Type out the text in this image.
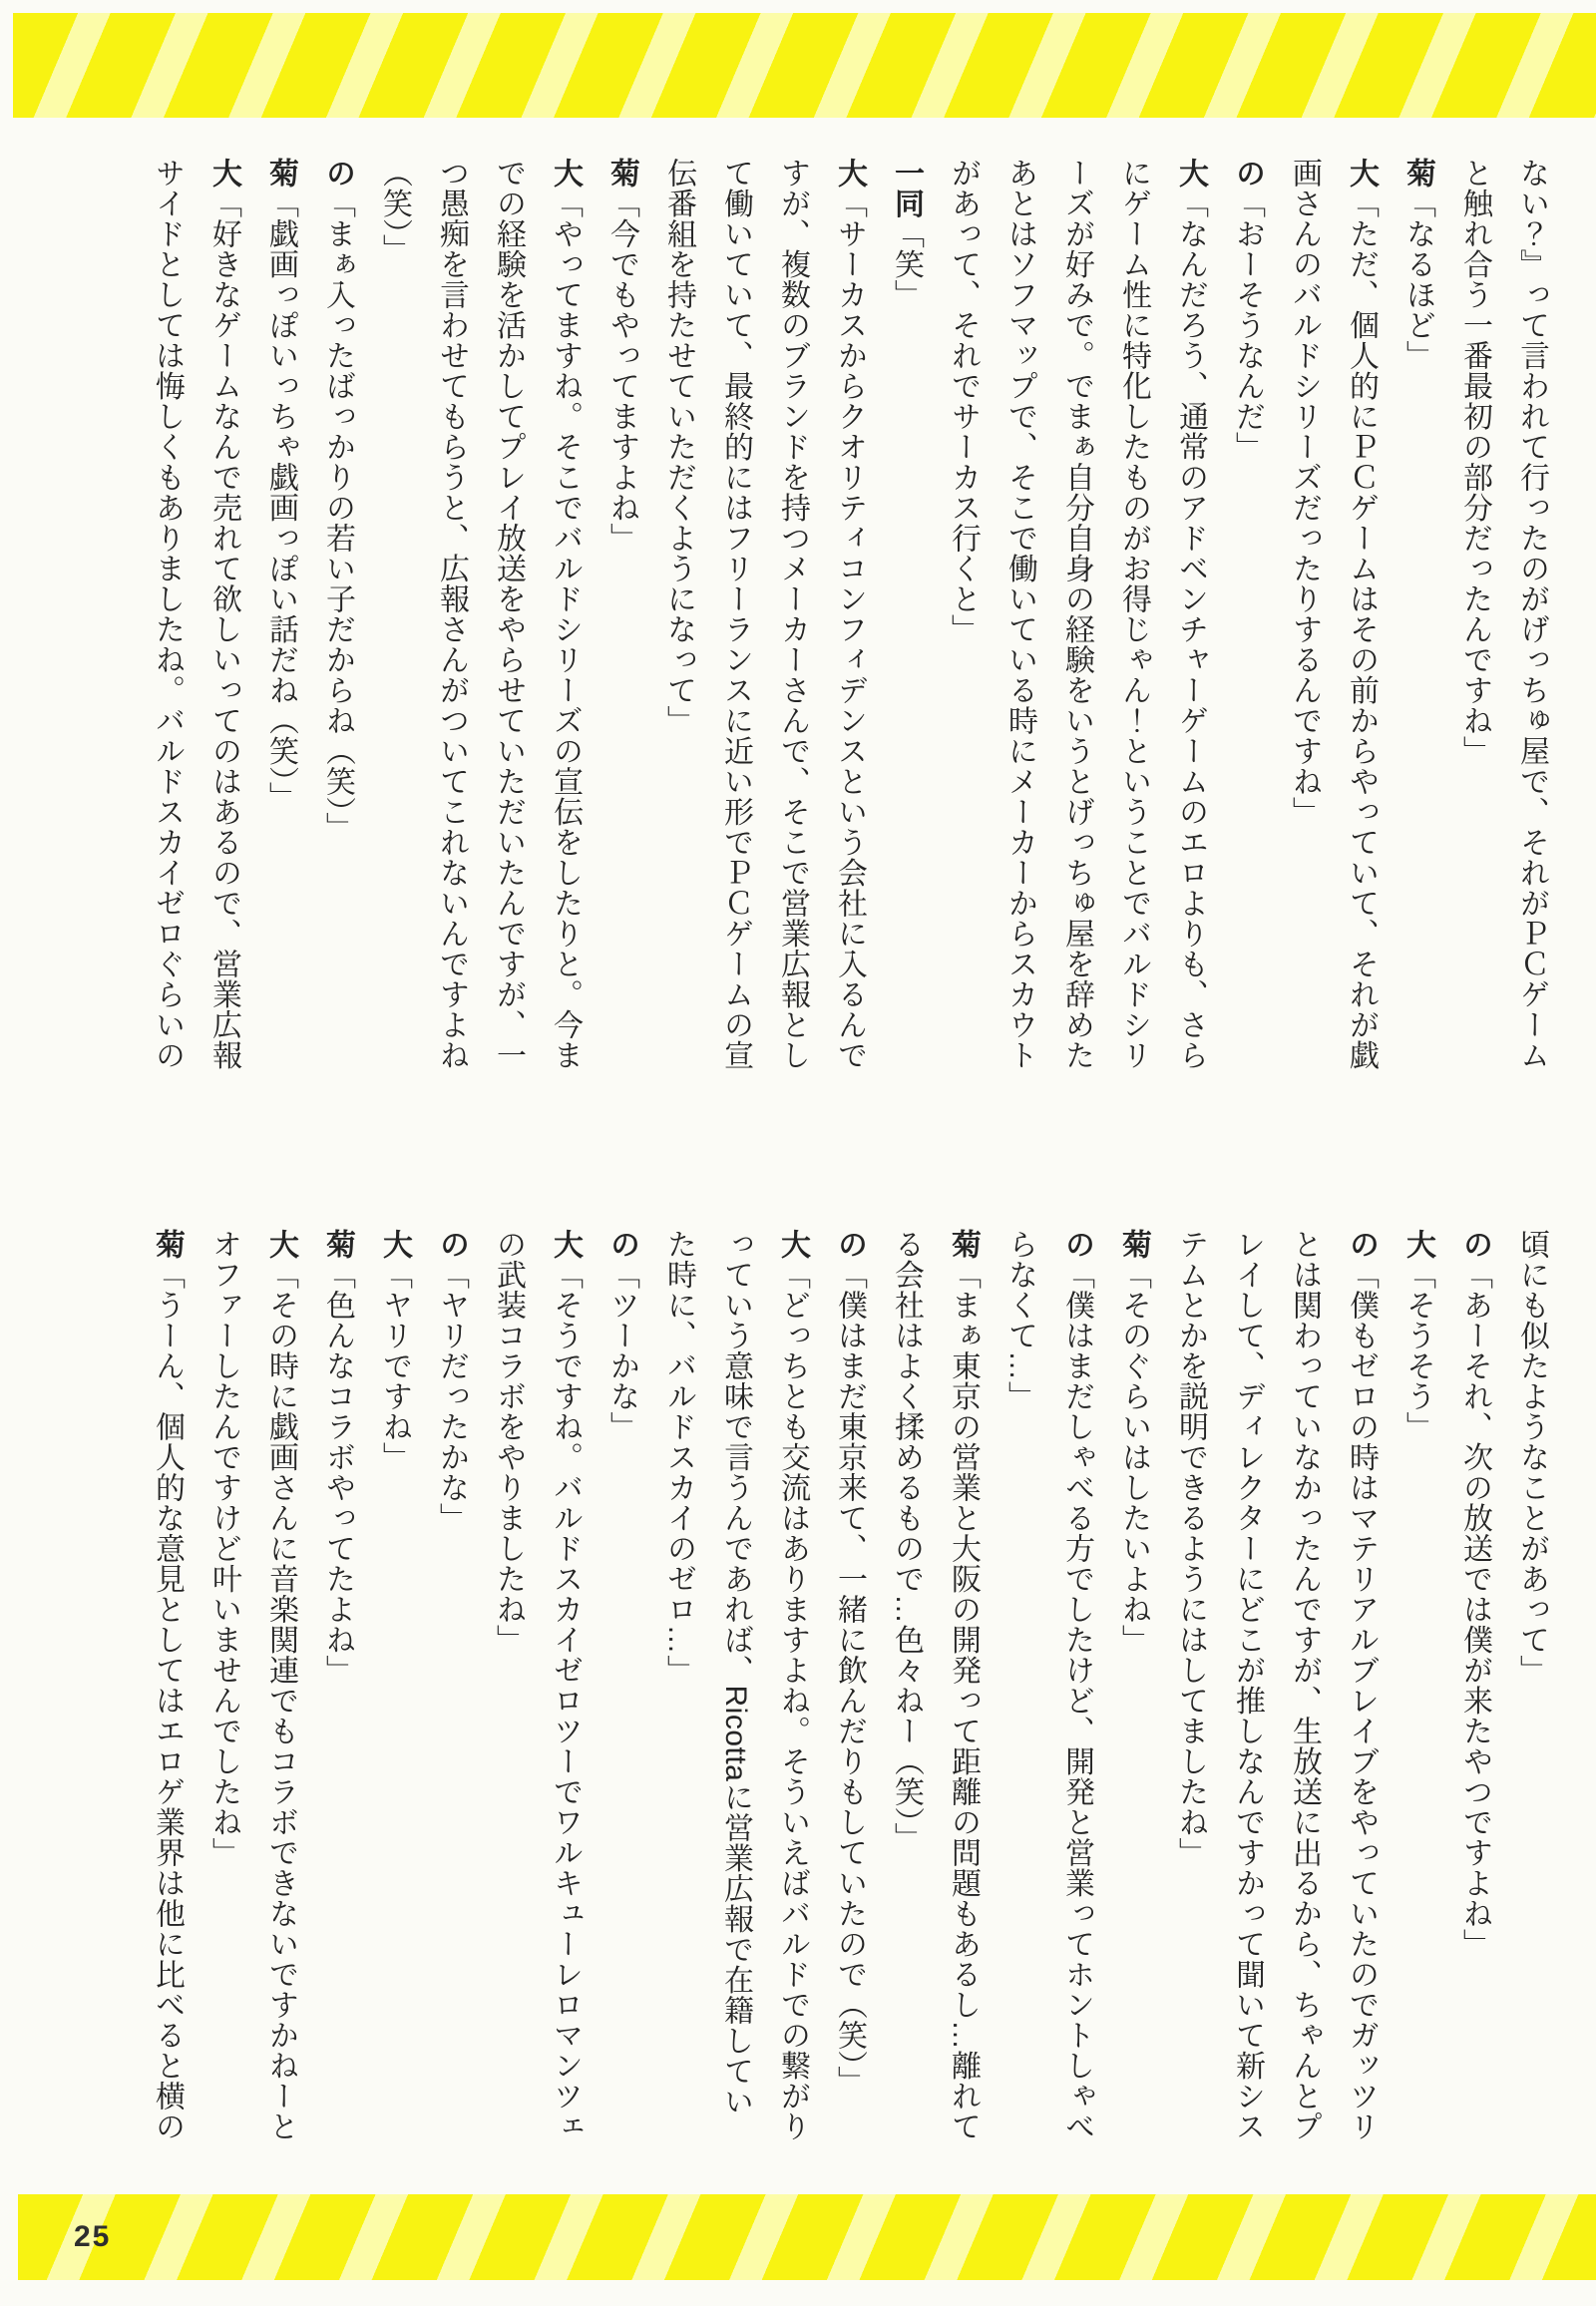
ない？』って言われて行ったのがげっちゅ屋で、それがＰＣゲームと触れ合う一番最初の部分だったんですね」

菊「なるほど」

大「ただ、個人的にＰＣゲームはその前からやっていて、それが戯画さんのバルドシリーズだったりするんですね」

の「おーそうなんだ」

大「なんだろう、通常のアドベンチャーゲームのエロよりも、さらにゲーム性に特化したものがお得じゃん！ということでバルドシリーズが好みで。でまぁ自分自身の経験をいうとげっちゅ屋を辞めたあとはソフマップで、そこで働いている時にメーカーからスカウトがあって、それでサーカス行くと」

一同「笑」

大「サーカスからクオリティコンフィデンスという会社に入るんですが、複数のブランドを持つメーカーさんで、そこで営業広報として働いていて、最終的にはフリーランスに近い形でＰＣゲームの宣伝番組を持たせていただくようになって」

菊「今でもやってますよね」

大「やってますね。そこでバルドシリーズの宣伝をしたりと。今までの経験を活かしてプレイ放送をやらせていただいたんですが、一つ愚痴を言わせてもらうと、広報さんがついてこれないんですよね（笑）」

の「まぁ入ったばっかりの若い子だからね（笑）」

菊「戯画っぽいっちゃ戯画っぽい話だね（笑）」

大「好きなゲームなんで売れて欲しいってのはあるので、営業広報サイドとしては悔しくもありましたね。バルドスカイゼロぐらいの

頃にも似たようなことがあって」

の「あーそれ、次の放送では僕が来たやつですよね」

大「そうそう」

の「僕もゼロの時はマテリアルブレイブをやっていたのでガッツリとは関わっていなかったんですが、生放送に出るから、ちゃんとプレイして、ディレクターにどこが推しなんですかって聞いて新システムとかを説明できるようにはしてましたね」

菊「そのぐらいはしたいよね」

の「僕はまだしゃべる方でしたけど、開発と営業ってホントしゃべらなくて…」

菊「まぁ東京の営業と大阪の開発って距離の問題もあるし…離れてる会社はよく揉めるもので…色々ねー（笑）」

の「僕はまだ東京来て、一緒に飲んだりもしていたので（笑）」

大「どっちとも交流はありますよね。そういえばバルドでの繋がりっていう意味で言うんであれば、Ricottaに営業広報で在籍していた時に、バルドスカイのゼロ…」

の「ツーかな」

大「そうですね。バルドスカイゼロツーでワルキューレロマンツェの武装コラボをやりましたね」

の「ヤリだったかな」

大「ヤリですね」

菊「色んなコラボやってたよね」

大「その時に戯画さんに音楽関連でもコラボできないですかねーとオファーしたんですけど叶いませんでしたね」

菊「うーん、個人的な意見としてはエロゲ業界は他に比べると横の

25
